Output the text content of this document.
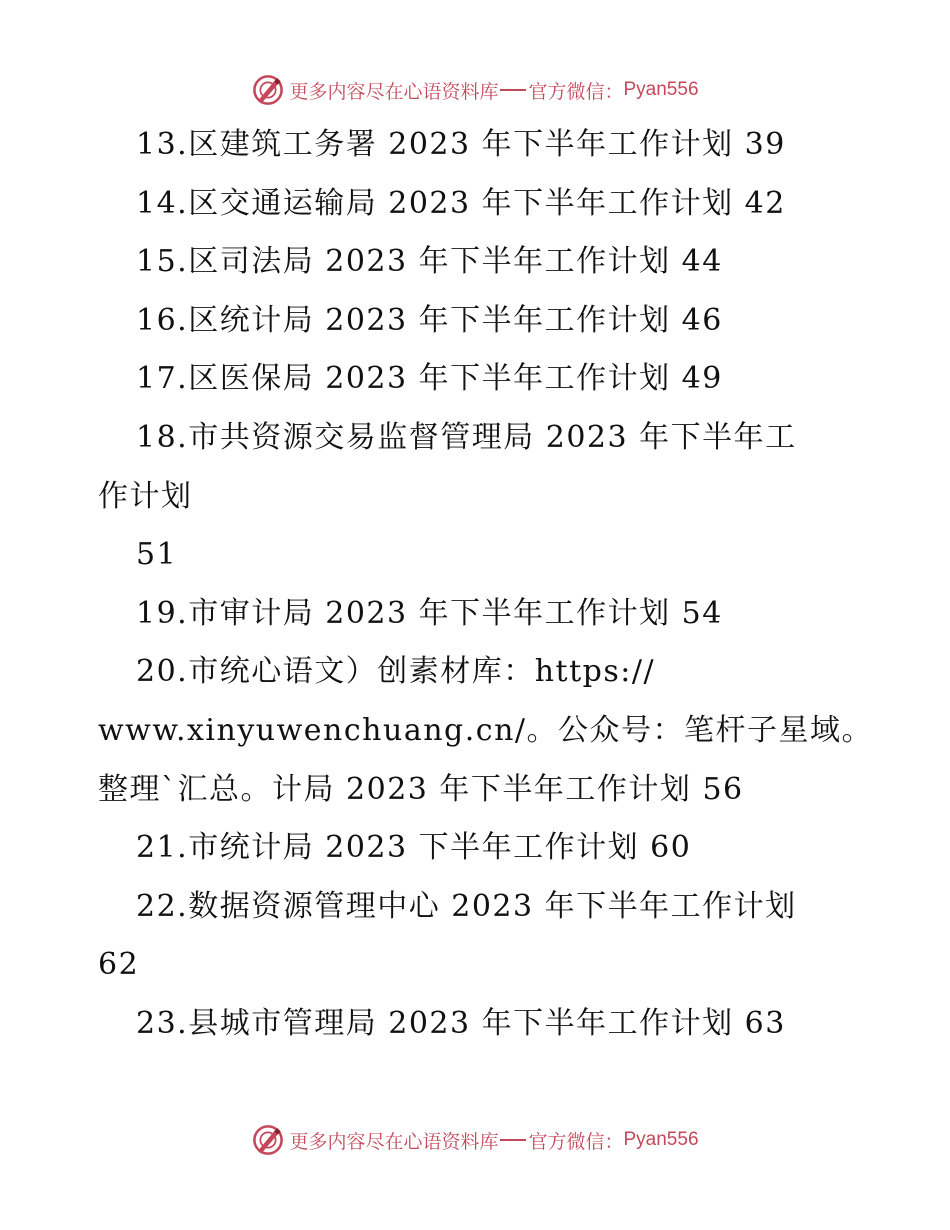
更多内容尽在心语资料库 官方微信： Pyan556
13.区建筑工务署 2023 年下半年工作计划 39
14.区交通运输局 2023 年下半年工作计划 42
15.区司法局 2023 年下半年工作计划 44
16.区统计局 2023 年下半年工作计划 46
17.区医保局 2023 年下半年工作计划 49
18.市共资源交易监督管理局 2023 年下半年工
作计划
51
19.市审计局 2023 年下半年工作计划 54
20.市统心语文）创素材库：https://
www.xinyuwenchuang.cn/。公众号：笔杆子星域。
整理`汇总。计局 2023 年下半年工作计划 56
21.市统计局 2023 下半年工作计划 60
22.数据资源管理中心 2023 年下半年工作计划
62
23.县城市管理局 2023 年下半年工作计划 63
更多内容尽在心语资料库 官方微信： Pyan556
